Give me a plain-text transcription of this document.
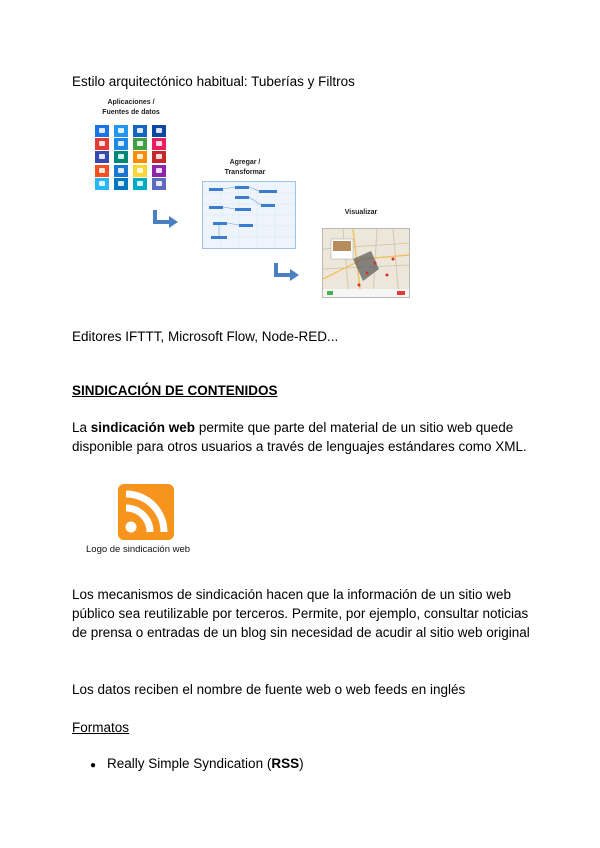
Estilo arquitectónico habitual: Tuberías y Filtros
Aplicaciones /
Fuentes de datos
Agregar /
Transformar
Visualizar
Editores IFTTT, Microsoft Flow, Node-RED...
SINDICACIÓN DE CONTENIDOS
La sindicación web permite que parte del material de un sitio web quede disponible para otros usuarios a través de lenguajes estándares como XML.
Logo de sindicación web
Los mecanismos de sindicación hacen que la información de un sitio web público sea reutilizable por terceros. Permite, por ejemplo, consultar noticias de prensa o entradas de un blog sin necesidad de acudir al sitio web original
Los datos reciben el nombre de fuente web o web feeds en inglés
Formatos
● Really Simple Syndication (RSS)
